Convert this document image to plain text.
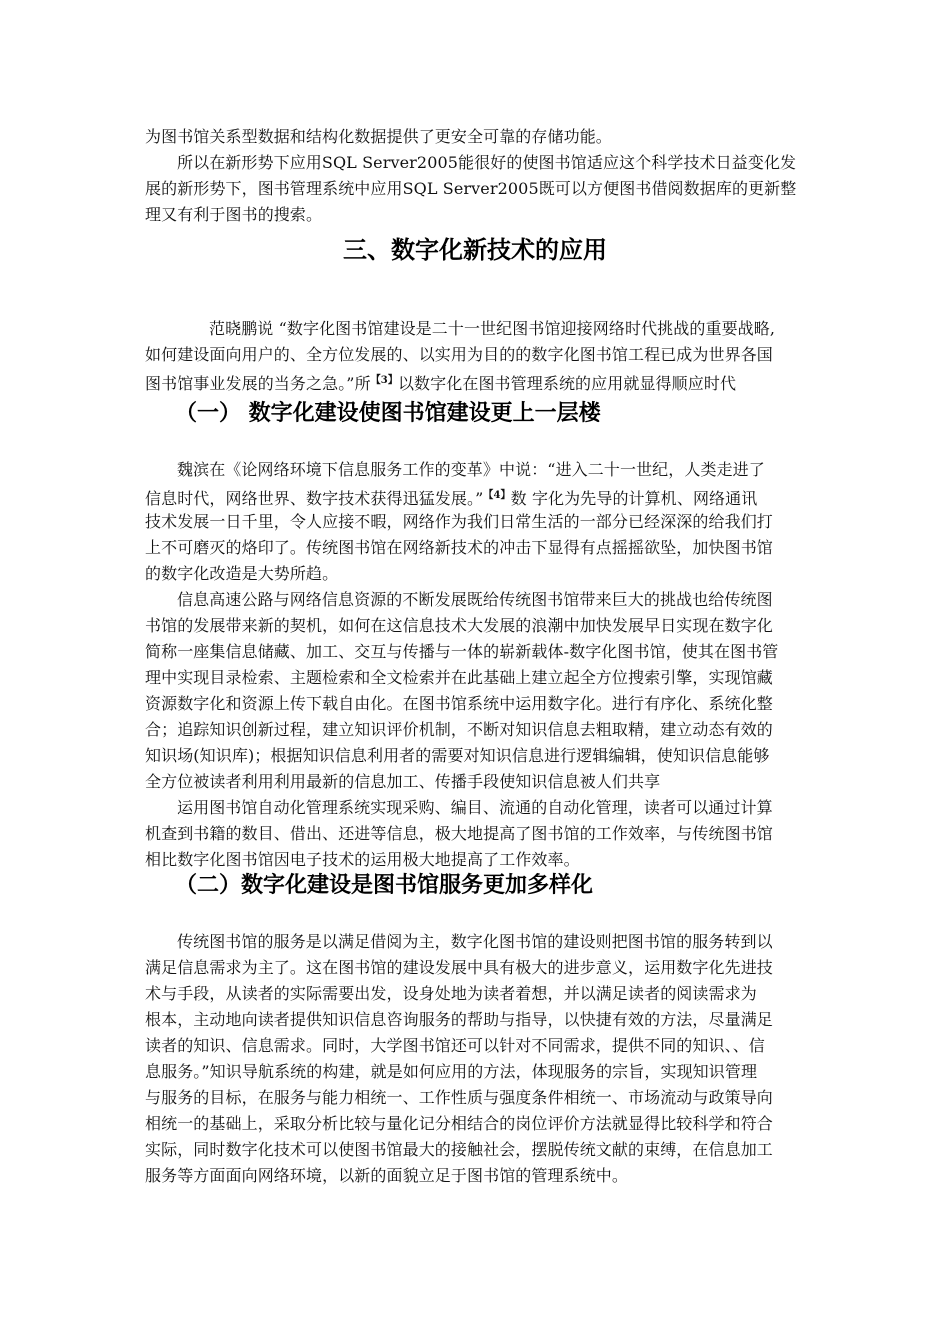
为图书馆关系型数据和结构化数据提供了更安全可靠的存储功能。
所以在新形势下应用SQL Server2005能很好的使图书馆适应这个科学技术日益变化发
展的新形势下，图书管理系统中应用SQL Server2005既可以方便图书借阅数据库的更新整
理又有利于图书的搜索。
三、数字化新技术的应用
范晓鹏说 “数字化图书馆建设是二十一世纪图书馆迎接网络时代挑战的重要战略,
如何建设面向用户的、全方位发展的、以实用为目的的数字化图书馆工程已成为世界各国
图书馆事业发展的当务之急。”所$^{【3】}$以数字化在图书管理系统的应用就显得顺应时代
（一） 数字化建设使图书馆建设更上一层楼
魏滨在《论网络环境下信息服务工作的变革》中说：“进入二十一世纪，人类走进了
信息时代，网络世界、数字技术获得迅猛发展。”$^{【4】}$数 字化为先导的计算机、网络通讯
技术发展一日千里，令人应接不暇，网络作为我们日常生活的一部分已经深深的给我们打
上不可磨灭的烙印了。传统图书馆在网络新技术的冲击下显得有点摇摇欲坠，加快图书馆
的数字化改造是大势所趋。
信息高速公路与网络信息资源的不断发展既给传统图书馆带来巨大的挑战也给传统图
书馆的发展带来新的契机，如何在这信息技术大发展的浪潮中加快发展早日实现在数字化
简称一座集信息储藏、加工、交互与传播与一体的崭新载体-数字化图书馆，使其在图书管
理中实现目录检索、主题检索和全文检索并在此基础上建立起全方位搜索引擎，实现馆藏
资源数字化和资源上传下载自由化。在图书馆系统中运用数字化。进行有序化、系统化整
合；追踪知识创新过程，建立知识评价机制，不断对知识信息去粗取精，建立动态有效的
知识场(知识库)；根据知识信息利用者的需要对知识信息进行逻辑编辑，使知识信息能够
全方位被读者利用利用最新的信息加工、传播手段使知识信息被人们共享
运用图书馆自动化管理系统实现采购、编目、流通的自动化管理，读者可以通过计算
机查到书籍的数目、借出、还进等信息，极大地提高了图书馆的工作效率，与传统图书馆
相比数字化图书馆因电子技术的运用极大地提高了工作效率。
（二）数字化建设是图书馆服务更加多样化
传统图书馆的服务是以满足借阅为主，数字化图书馆的建设则把图书馆的服务转到以
满足信息需求为主了。这在图书馆的建设发展中具有极大的进步意义，运用数字化先进技
术与手段，从读者的实际需要出发，设身处地为读者着想，并以满足读者的阅读需求为
根本，主动地向读者提供知识信息咨询服务的帮助与指导，以快捷有效的方法，尽量满足
读者的知识、信息需求。同时，大学图书馆还可以针对不同需求，提供不同的知识、、信
息服务。”知识导航系统的构建，就是如何应用的方法，体现服务的宗旨，实现知识管理
与服务的目标，在服务与能力相统一、工作性质与强度条件相统一、市场流动与政策导向
相统一的基础上，采取分析比较与量化记分相结合的岗位评价方法就显得比较科学和符合
实际，同时数字化技术可以使图书馆最大的接触社会，摆脱传统文献的束缚，在信息加工
服务等方面面向网络环境，以新的面貌立足于图书馆的管理系统中。
